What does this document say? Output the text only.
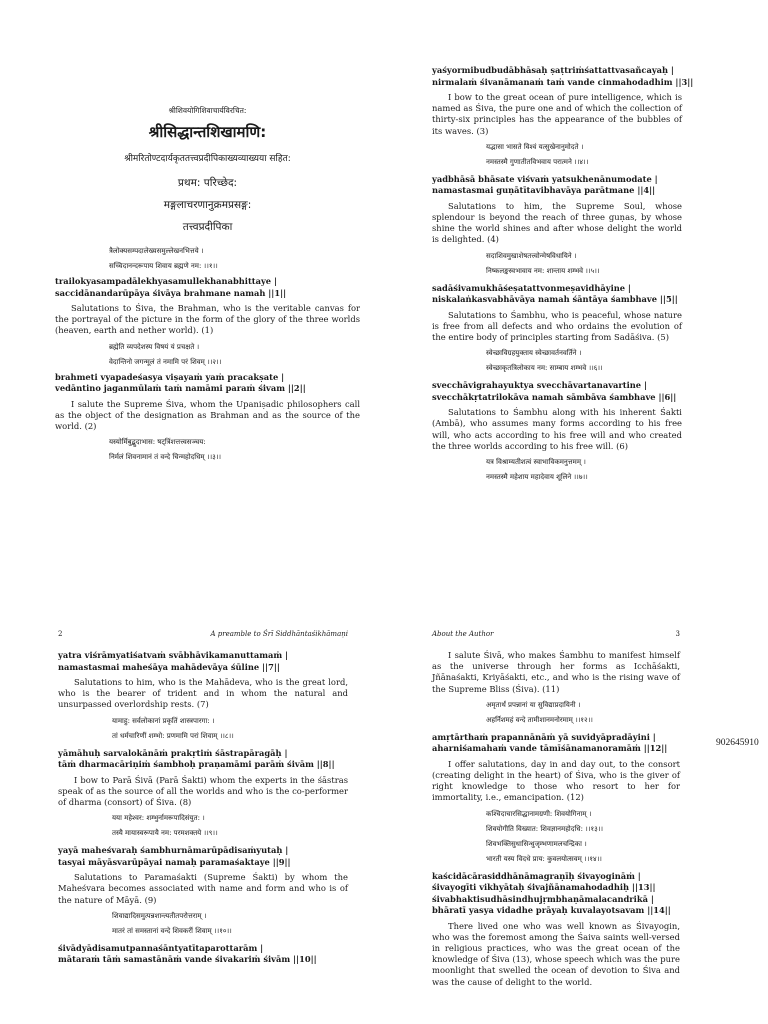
श्रीशिवयोगिशिवाचार्यविरचित:
श्रीसिद्धान्तशिखामणि:
श्रीमरितोण्टदार्यकृततत्त्वप्रदीपिकाख्यव्याख्यया सहित:
प्रथम: परिच्छेद:
मङ्गलाचरणानुक्रमप्रसङ्ग:
तत्त्वप्रदीपिका
त्रैलोक्यसम्पदालेख्यसमुल्लेखनभित्तये ।
सच्चिदानन्दरूपाय शिवाय ब्रह्मणे नम: ।।१।।
trailokyasampadālekhyasamullekhanabhittaye |
saccidānandarūpāya śivāya brahmane namah ||1||

Salutations to Śiva, the Brahman, who is the veritable canvas for the portrayal of the picture in the form of the glory of the three worlds (heaven, earth and nether world). (1)

ब्रह्मेति व्यपदेशस्य विषयं यं प्रचक्षते ।
वेदान्तिनो जगन्मूलं तं नमामि परं शिवम् ।।२।।
brahmeti vyapadeśasya viṣayaṁ yaṁ pracakṣate |
vedāntino jaganmūlaṁ taṁ namāmi paraṁ śivam ||2||

I salute the Supreme Śiva, whom the Upaniṣadic philosophers call as the object of the designation as Brahman and as the source of the world. (2)

यस्योर्मिबुद्बुदाभास: षट्त्रिंशत्तत्त्वसञ्चय:
निर्मलं शिवनामानं तं वन्दे चिन्महोदधिम् ।।३।।
yaśyormibudbudābhāsaḥ ṣaṭtriṁśattattvasañcayaḥ |
nirmalaṁ śivanāmanaṁ taṁ vande cinmahodadhim ||3||

I bow to the great ocean of pure intelligence, which is named as Śiva, the pure one and of which the collection of thirty-six principles has the appearance of the bubbles of its waves. (3)

यद्भासा भासते विश्वं यत्सुखेनानुमोदते ।
नमस्तस्मै गुणातीतविभवाय परात्मने ।।४।।
yadbhāsā bhāsate viśvaṁ yatsukhenānumodate |
namastasmai guṇātītavibhavāya parātmane ||4||

Salutations to him, the Supreme Soul, whose splendour is beyond the reach of three guṇas, by whose shine the world shines and after whose delight the world is delighted. (4)

सदाशिवमुखाशेषतत्त्वोन्मेषविधायिने ।
निष्कलङ्कस्वभावाय नम: शान्ताय शम्भवे ।।५।।
sadāśivamukhāśeṣatattvonmeṣavidhāyine |
niskalaṅkasvabhāvāya namah śāntāya śambhave ||5||

Salutations to Śambhu, who is peaceful, whose nature is free from all defects and who ordains the evolution of the entire body of principles starting from Sadāśiva. (5)

स्वेच्छाविग्रहयुक्ताय स्वेच्छावर्तनवर्तिने ।
स्वेच्छाकृतत्रिलोकाय नम: साम्बाय शम्भवे ।।६।।
svecchāvigrahayuktya svecchāvartanavartine |
svecchākṛtatrilokāva namah sāmbāva śambhave ||6||

Salutations to Śambhu along with his inherent Śakti (Ambā), who assumes many forms according to his free will, who acts according to his free will and who created the three worlds according to his free will. (6)

यत्र विश्राम्यतीशत्वं स्वाभाविकमनुत्तमम् ।
नमस्तस्मै महेशाय महादेवाय शूलिने ।।७।।
2	A preamble to Śrī Siddhāntaśikhāmaṇi
yatra viśrāmyatiśatvaṁ svābhāvikamanuttamaṁ |
namastasmai maheśāya mahādevāya śūline ||7||

Salutations to him, who is the Mahādeva, who is the great lord, who is the bearer of trident and in whom the natural and unsurpassed overlordship rests. (7)

यामाहु: सर्वलोकानां प्रकृतिं शास्त्रपारगा: ।
तां धर्मचारिणीं शम्भो: प्रणमामि परां शिवाम् ।।८।।
yāmāhuḥ sarvalokānāṁ prakṛtiṁ śāstrapāragāḥ |
tāṁ dharmacāriṇiṁ śambhoḥ praṇamāmi parāṁ śivām ||8||

I bow to Parā Śivā (Parā Śakti) whom the experts in the śāstras speak of as the source of all the worlds and who is the co-performer of dharma (consort) of Śiva. (8)

यया महेश्वर: शम्भुर्नामरूपादिसंयुत: ।
तस्यै मायास्वरूपायै नम: परमशक्तये ।।९।।
yayā maheśvaraḥ śambhurnāmarūpādisaṁyutaḥ |
tasyai māyāsvarūpāyai namaḥ paramaśaktaye ||9||

Salutations to Paramaśakti (Supreme Śakti) by whom the Maheśvara becomes associated with name and form and who is of the nature of Māyā. (9)

शिवाद्यादिसमुत्पन्नशान्त्यतीतपरोत्तराम् ।
मातरं तां समस्तानां वन्दे शिवकरीं शिवाम् ।।१०।।
śivādyādisamutpannaśāntyatītaparottarām |
mātaraṁ tāṁ samastānāṁ vande śivakariṁ śivām ||10||
About the Author	3

I salute Śivā, who makes Śambhu to manifest himself as the universe through her forms as Icchāśakti, Jñānaśakti, Kriyāśakti, etc., and who is the rising wave of the Supreme Bliss (Śiva). (11)

अमृतार्थं प्रपन्नानां या सुविद्याप्रदायिनी ।
अहर्निशमहं वन्दे तामीशानमनोरमाम् ।।१२।।
amṛtārthaṁ prapannānāṁ yā suvidyāpradāyini |
aharniśamahaṁ vande tāmīśānamanoramāṁ ||12||

I offer salutations, day in and day out, to the consort (creating delight in the heart) of Śiva, who is the giver of right knowledge to those who resort to her for immortality, i.e., emancipation. (12)

कश्चिदाचारसिद्धानामग्रणी: शिवयोगिनाम् ।
शिवयोगीति विख्यात: शिवज्ञानमहोदधि: ।।१३।।
शिवभक्तिसुधासिन्धुजृम्भणामलचन्द्रिका ।
भारती यस्य विदधे प्राय: कुवलयोत्सवम् ।।१४।।
kaścidācārasiddhānāmagraṇīḥ śivayogināṁ |
śivayogīti vikhyātaḥ śivajñānamahodadhiḥ ||13||
śivabhaktisudhāsindhujṛmbhaṇāmalacandrikā |
bhāratī yasya vidadhe prāyaḥ kuvalayotsavam ||14||

There lived one who was well known as Śivayogin, who was the foremost among the Śaiva saints well-versed in religious practices, who was the great ocean of the knowledge of Śiva (13), whose speech which was the pure moonlight that swelled the ocean of devotion to Śiva and was the cause of delight to the world.

902645910
